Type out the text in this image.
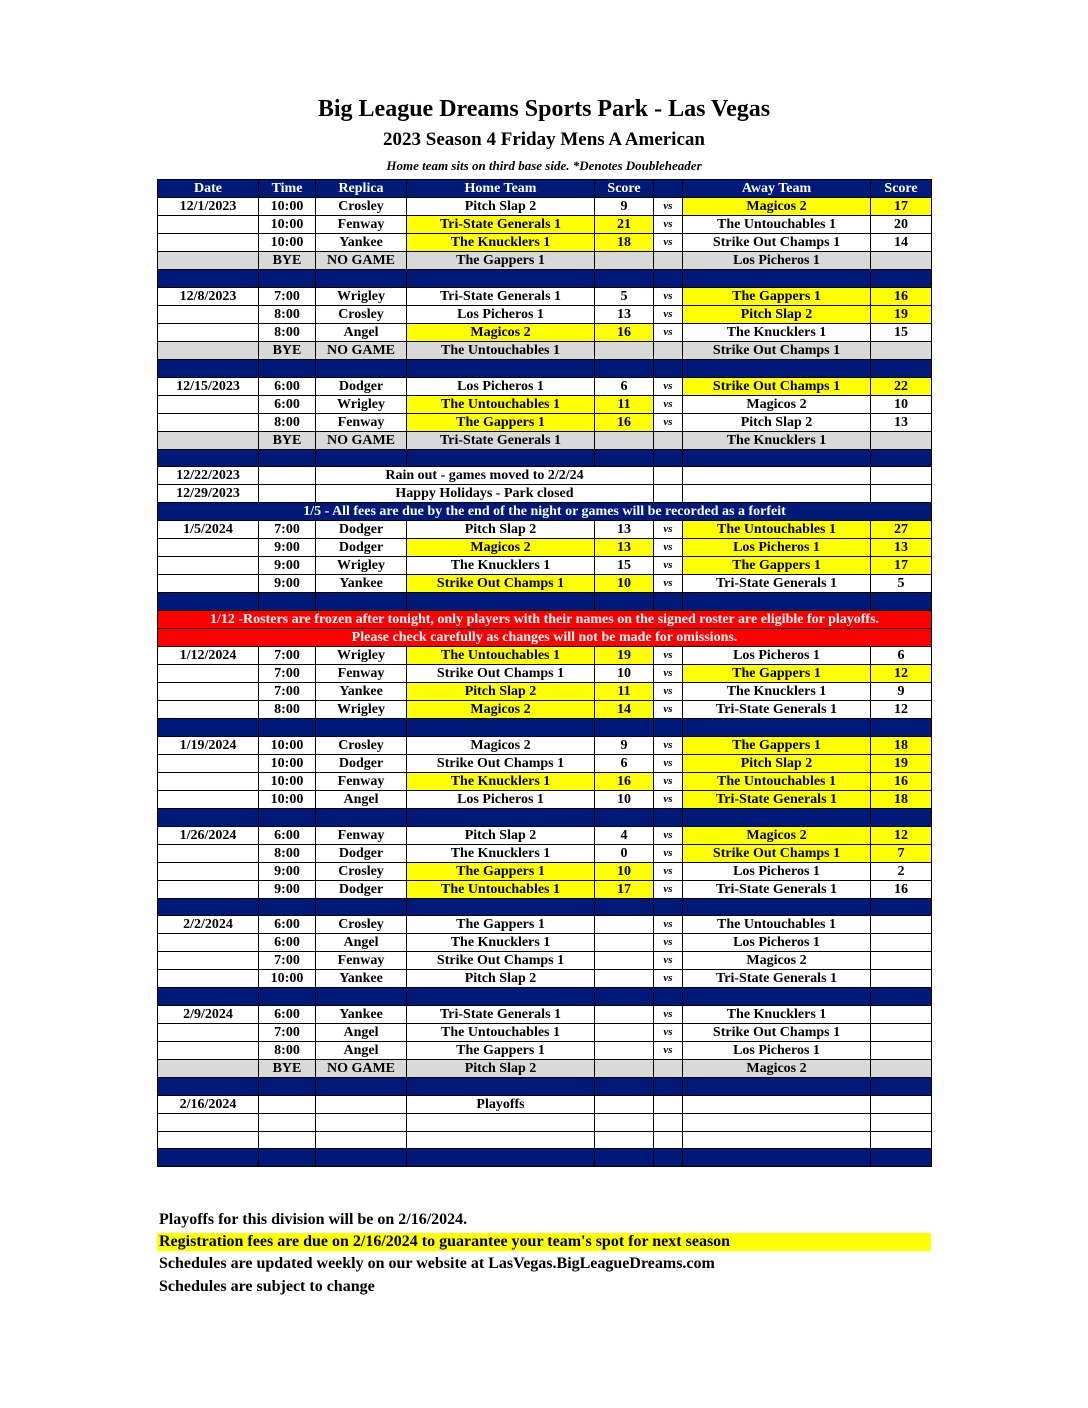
Big League Dreams Sports Park - Las Vegas
2023 Season 4 Friday Mens A American
Home team sits on third base side. *Denotes Doubleheader
Date	Time	Replica	Home Team	Score		Away Team	Score
12/1/2023	10:00	Crosley	Pitch Slap 2	9	vs	Magicos 2	17
	10:00	Fenway	Tri-State Generals 1	21	vs	The Untouchables 1	20
	10:00	Yankee	The Knucklers 1	18	vs	Strike Out Champs 1	14
	BYE	NO GAME	The Gappers 1			Los Picheros 1	

12/8/2023	7:00	Wrigley	Tri-State Generals 1	5	vs	The Gappers 1	16
	8:00	Crosley	Los Picheros 1	13	vs	Pitch Slap 2	19
	8:00	Angel	Magicos 2	16	vs	The Knucklers 1	15
	BYE	NO GAME	The Untouchables 1			Strike Out Champs 1	

12/15/2023	6:00	Dodger	Los Picheros 1	6	vs	Strike Out Champs 1	22
	6:00	Wrigley	The Untouchables 1	11	vs	Magicos 2	10
	8:00	Fenway	The Gappers 1	16	vs	Pitch Slap 2	13
	BYE	NO GAME	Tri-State Generals 1			The Knucklers 1	

12/22/2023		Rain out - games moved to 2/2/24					
12/29/2023		Happy Holidays - Park closed					
1/5 - All fees are due by the end of the night or games will be recorded as a forfeit							
1/5/2024	7:00	Dodger	Pitch Slap 2	13	vs	The Untouchables 1	27
	9:00	Dodger	Magicos 2	13	vs	Los Picheros 1	13
	9:00	Wrigley	The Knucklers 1	15	vs	The Gappers 1	17
	9:00	Yankee	Strike Out Champs 1	10	vs	Tri-State Generals 1	5

1/12 -Rosters are frozen after tonight, only players with their names on the signed roster are eligible for playoffs.							
Please check carefully as changes will not be made for omissions.							
1/12/2024	7:00	Wrigley	The Untouchables 1	19	vs	Los Picheros 1	6
	7:00	Fenway	Strike Out Champs 1	10	vs	The Gappers 1	12
	7:00	Yankee	Pitch Slap 2	11	vs	The Knucklers 1	9
	8:00	Wrigley	Magicos 2	14	vs	Tri-State Generals 1	12

1/19/2024	10:00	Crosley	Magicos 2	9	vs	The Gappers 1	18
	10:00	Dodger	Strike Out Champs 1	6	vs	Pitch Slap 2	19
	10:00	Fenway	The Knucklers 1	16	vs	The Untouchables 1	16
	10:00	Angel	Los Picheros 1	10	vs	Tri-State Generals 1	18

1/26/2024	6:00	Fenway	Pitch Slap 2	4	vs	Magicos 2	12
	8:00	Dodger	The Knucklers 1	0	vs	Strike Out Champs 1	7
	9:00	Crosley	The Gappers 1	10	vs	Los Picheros 1	2
	9:00	Dodger	The Untouchables 1	17	vs	Tri-State Generals 1	16

2/2/2024	6:00	Crosley	The Gappers 1		vs	The Untouchables 1	
	6:00	Angel	The Knucklers 1		vs	Los Picheros 1	
	7:00	Fenway	Strike Out Champs 1		vs	Magicos 2	
	10:00	Yankee	Pitch Slap 2		vs	Tri-State Generals 1	

2/9/2024	6:00	Yankee	Tri-State Generals 1		vs	The Knucklers 1	
	7:00	Angel	The Untouchables 1		vs	Strike Out Champs 1	
	8:00	Angel	The Gappers 1		vs	Los Picheros 1	
	BYE	NO GAME	Pitch Slap 2			Magicos 2	

2/16/2024			Playoffs				

Playoffs for this division will be on 2/16/2024.
Registration fees are due on 2/16/2024 to guarantee your team's spot for next season
Schedules are updated weekly on our website at LasVegas.BigLeagueDreams.com
Schedules are subject to change
